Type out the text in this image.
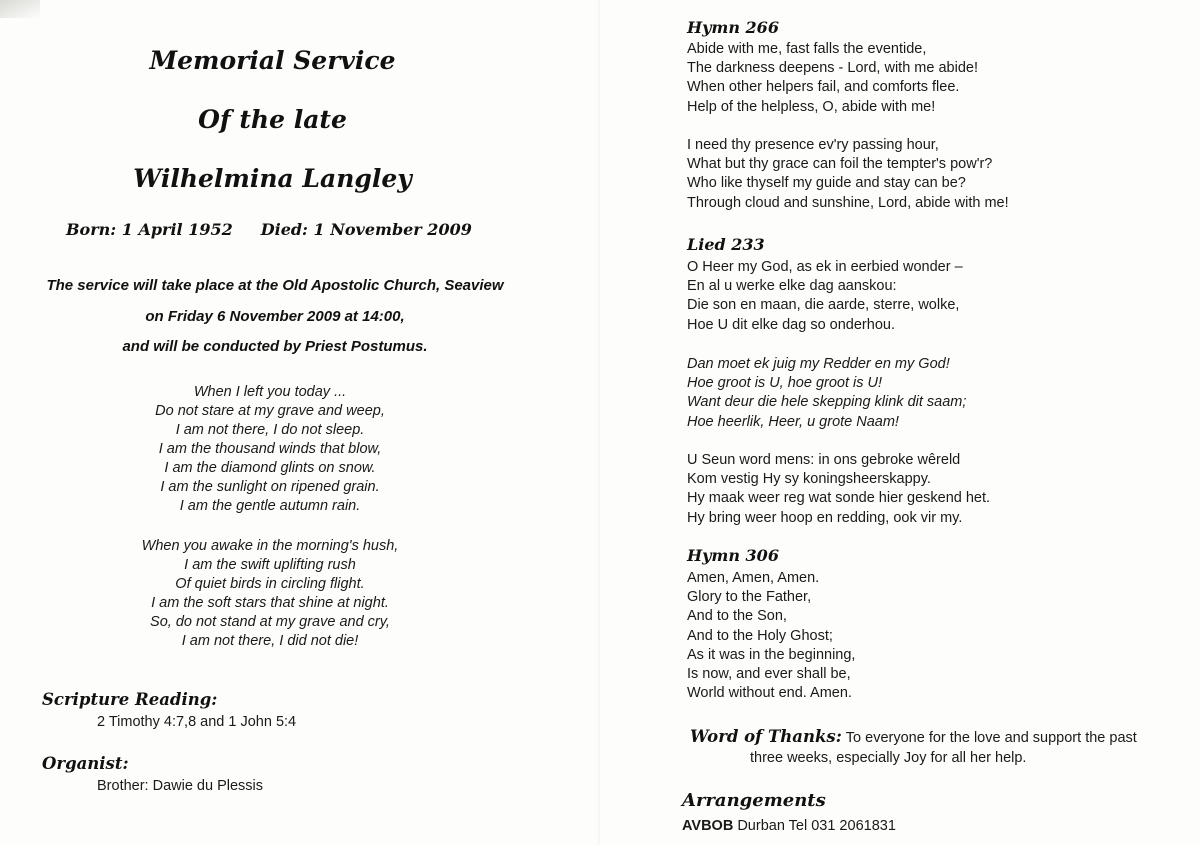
Memorial Service
Of the late
Wilhelmina Langley
Born: 1 April 1952 Died: 1 November 2009
The service will take place at the Old Apostolic Church, Seaview
on Friday 6 November 2009 at 14:00,
and will be conducted by Priest Postumus.
When I left you today ...
Do not stare at my grave and weep,
I am not there, I do not sleep.
I am the thousand winds that blow,
I am the diamond glints on snow.
I am the sunlight on ripened grain.
I am the gentle autumn rain.
When you awake in the morning's hush,
I am the swift uplifting rush
Of quiet birds in circling flight.
I am the soft stars that shine at night.
So, do not stand at my grave and cry,
I am not there, I did not die!
Scripture Reading:
2 Timothy 4:7,8 and 1 John 5:4
Organist:
Brother: Dawie du Plessis
Hymn 266
Abide with me, fast falls the eventide,
The darkness deepens - Lord, with me abide!
When other helpers fail, and comforts flee.
Help of the helpless, O, abide with me!
I need thy presence ev'ry passing hour,
What but thy grace can foil the tempter's pow'r?
Who like thyself my guide and stay can be?
Through cloud and sunshine, Lord, abide with me!
Lied 233
O Heer my God, as ek in eerbied wonder –
En al u werke elke dag aanskou:
Die son en maan, die aarde, sterre, wolke,
Hoe U dit elke dag so onderhou.
Dan moet ek juig my Redder en my God!
Hoe groot is U, hoe groot is U!
Want deur die hele skepping klink dit saam;
Hoe heerlik, Heer, u grote Naam!
U Seun word mens: in ons gebroke wêreld
Kom vestig Hy sy koningsheerskappy.
Hy maak weer reg wat sonde hier geskend het.
Hy bring weer hoop en redding, ook vir my.
Hymn 306
Amen, Amen, Amen.
Glory to the Father,
And to the Son,
And to the Holy Ghost;
As it was in the beginning,
Is now, and ever shall be,
World without end. Amen.
Word of Thanks: To everyone for the love and support the past
three weeks, especially Joy for all her help.
Arrangements
AVBOB Durban Tel 031 2061831
